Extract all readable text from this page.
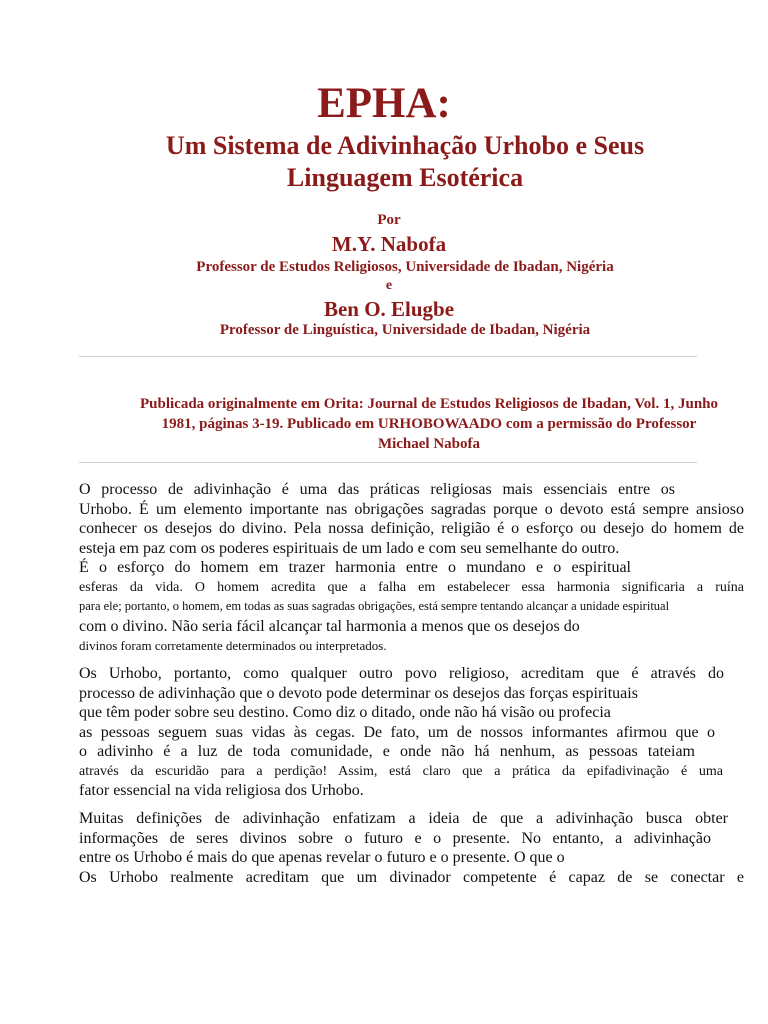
EPHA:
Um Sistema de Adivinhação Urhobo e Seus
Linguagem Esotérica
Por
M.Y. Nabofa
Professor de Estudos Religiosos, Universidade de Ibadan, Nigéria
e
Ben O. Elugbe
Professor de Linguística, Universidade de Ibadan, Nigéria
Publicada originalmente em Orita: Journal de Estudos Religiosos de Ibadan, Vol. 1, Junho
1981, páginas 3-19. Publicado em URHOBOWAADO com a permissão do Professor
Michael Nabofa
O processo de adivinhação é uma das práticas religiosas mais essenciais entre os
Urhobo. É um elemento importante nas obrigações sagradas porque o devoto está sempre ansioso
conhecer os desejos do divino. Pela nossa definição, religião é o esforço ou desejo do homem de
esteja em paz com os poderes espirituais de um lado e com seu semelhante do outro.
É o esforço do homem em trazer harmonia entre o mundano e o espiritual
esferas da vida. O homem acredita que a falha em estabelecer essa harmonia significaria a ruína
para ele; portanto, o homem, em todas as suas sagradas obrigações, está sempre tentando alcançar a unidade espiritual
com o divino. Não seria fácil alcançar tal harmonia a menos que os desejos do
divinos foram corretamente determinados ou interpretados.
Os Urhobo, portanto, como qualquer outro povo religioso, acreditam que é através do
processo de adivinhação que o devoto pode determinar os desejos das forças espirituais
que têm poder sobre seu destino. Como diz o ditado, onde não há visão ou profecia
as pessoas seguem suas vidas às cegas. De fato, um de nossos informantes afirmou que o
o adivinho é a luz de toda comunidade, e onde não há nenhum, as pessoas tateiam
através da escuridão para a perdição! Assim, está claro que a prática da epifadivinação é uma
fator essencial na vida religiosa dos Urhobo.
Muitas definições de adivinhação enfatizam a ideia de que a adivinhação busca obter
informações de seres divinos sobre o futuro e o presente. No entanto, a adivinhação
entre os Urhobo é mais do que apenas revelar o futuro e o presente. O que o
Os Urhobo realmente acreditam que um divinador competente é capaz de se conectar e
